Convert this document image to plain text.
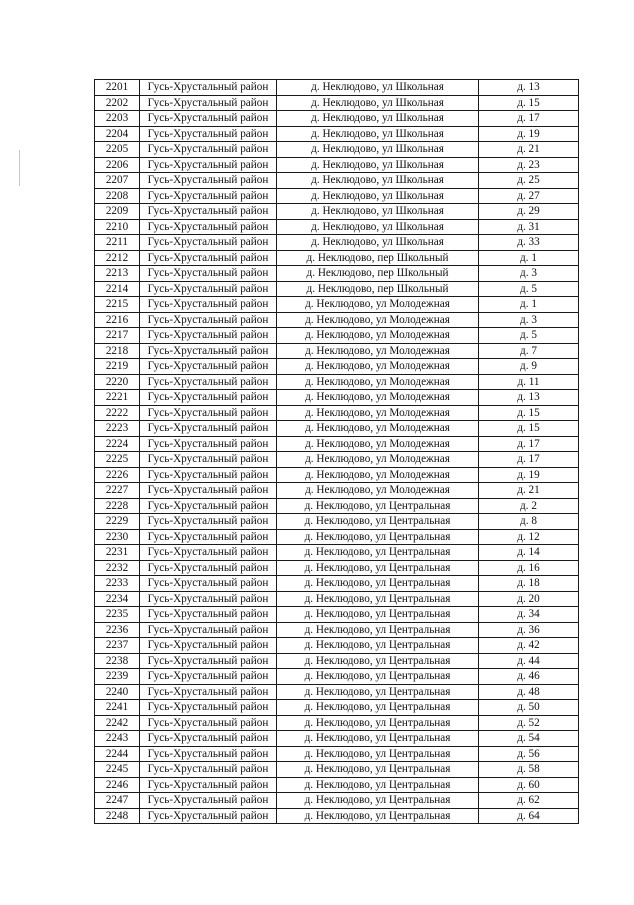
2201	Гусь-Хрустальный район	д. Неклюдово, ул Школьная	д. 13
2202	Гусь-Хрустальный район	д. Неклюдово, ул Школьная	д. 15
2203	Гусь-Хрустальный район	д. Неклюдово, ул Школьная	д. 17
2204	Гусь-Хрустальный район	д. Неклюдово, ул Школьная	д. 19
2205	Гусь-Хрустальный район	д. Неклюдово, ул Школьная	д. 21
2206	Гусь-Хрустальный район	д. Неклюдово, ул Школьная	д. 23
2207	Гусь-Хрустальный район	д. Неклюдово, ул Школьная	д. 25
2208	Гусь-Хрустальный район	д. Неклюдово, ул Школьная	д. 27
2209	Гусь-Хрустальный район	д. Неклюдово, ул Школьная	д. 29
2210	Гусь-Хрустальный район	д. Неклюдово, ул Школьная	д. 31
2211	Гусь-Хрустальный район	д. Неклюдово, ул Школьная	д. 33
2212	Гусь-Хрустальный район	д. Неклюдово, пер Школьный	д. 1
2213	Гусь-Хрустальный район	д. Неклюдово, пер Школьный	д. 3
2214	Гусь-Хрустальный район	д. Неклюдово, пер Школьный	д. 5
2215	Гусь-Хрустальный район	д. Неклюдово, ул Молодежная	д. 1
2216	Гусь-Хрустальный район	д. Неклюдово, ул Молодежная	д. 3
2217	Гусь-Хрустальный район	д. Неклюдово, ул Молодежная	д. 5
2218	Гусь-Хрустальный район	д. Неклюдово, ул Молодежная	д. 7
2219	Гусь-Хрустальный район	д. Неклюдово, ул Молодежная	д. 9
2220	Гусь-Хрустальный район	д. Неклюдово, ул Молодежная	д. 11
2221	Гусь-Хрустальный район	д. Неклюдово, ул Молодежная	д. 13
2222	Гусь-Хрустальный район	д. Неклюдово, ул Молодежная	д. 15
2223	Гусь-Хрустальный район	д. Неклюдово, ул Молодежная	д. 15
2224	Гусь-Хрустальный район	д. Неклюдово, ул Молодежная	д. 17
2225	Гусь-Хрустальный район	д. Неклюдово, ул Молодежная	д. 17
2226	Гусь-Хрустальный район	д. Неклюдово, ул Молодежная	д. 19
2227	Гусь-Хрустальный район	д. Неклюдово, ул Молодежная	д. 21
2228	Гусь-Хрустальный район	д. Неклюдово, ул Центральная	д. 2
2229	Гусь-Хрустальный район	д. Неклюдово, ул Центральная	д. 8
2230	Гусь-Хрустальный район	д. Неклюдово, ул Центральная	д. 12
2231	Гусь-Хрустальный район	д. Неклюдово, ул Центральная	д. 14
2232	Гусь-Хрустальный район	д. Неклюдово, ул Центральная	д. 16
2233	Гусь-Хрустальный район	д. Неклюдово, ул Центральная	д. 18
2234	Гусь-Хрустальный район	д. Неклюдово, ул Центральная	д. 20
2235	Гусь-Хрустальный район	д. Неклюдово, ул Центральная	д. 34
2236	Гусь-Хрустальный район	д. Неклюдово, ул Центральная	д. 36
2237	Гусь-Хрустальный район	д. Неклюдово, ул Центральная	д. 42
2238	Гусь-Хрустальный район	д. Неклюдово, ул Центральная	д. 44
2239	Гусь-Хрустальный район	д. Неклюдово, ул Центральная	д. 46
2240	Гусь-Хрустальный район	д. Неклюдово, ул Центральная	д. 48
2241	Гусь-Хрустальный район	д. Неклюдово, ул Центральная	д. 50
2242	Гусь-Хрустальный район	д. Неклюдово, ул Центральная	д. 52
2243	Гусь-Хрустальный район	д. Неклюдово, ул Центральная	д. 54
2244	Гусь-Хрустальный район	д. Неклюдово, ул Центральная	д. 56
2245	Гусь-Хрустальный район	д. Неклюдово, ул Центральная	д. 58
2246	Гусь-Хрустальный район	д. Неклюдово, ул Центральная	д. 60
2247	Гусь-Хрустальный район	д. Неклюдово, ул Центральная	д. 62
2248	Гусь-Хрустальный район	д. Неклюдово, ул Центральная	д. 64
